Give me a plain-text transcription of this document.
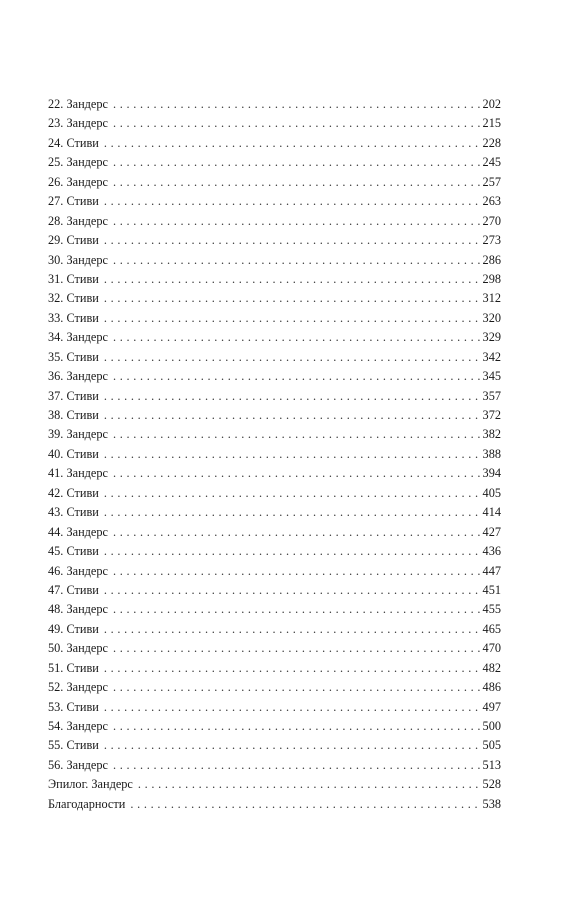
22. Зандерс . . .	202
23. Зандерс . . .	215
24. Стиви . . .	228
25. Зандерс . . .	245
26. Зандерс . . .	257
27. Стиви . . .	263
28. Зандерс . . .	270
29. Стиви . . .	273
30. Зандерс . . .	286
31. Стиви . . .	298
32. Стиви . . .	312
33. Стиви . . .	320
34. Зандерс . . .	329
35. Стиви . . .	342
36. Зандерс . . .	345
37. Стиви . . .	357
38. Стиви . . .	372
39. Зандерс . . .	382
40. Стиви . . .	388
41. Зандерс . . .	394
42. Стиви . . .	405
43. Стиви . . .	414
44. Зандерс . . .	427
45. Стиви . . .	436
46. Зандерс . . .	447
47. Стиви . . .	451
48. Зандерс . . .	455
49. Стиви . . .	465
50. Зандерс . . .	470
51. Стиви . . .	482
52. Зандерс . . .	486
53. Стиви . . .	497
54. Зандерс . . .	500
55. Стиви . . .	505
56. Зандерс . . .	513
Эпилог. Зандерс . . .	528
Благодарности . . .	538
